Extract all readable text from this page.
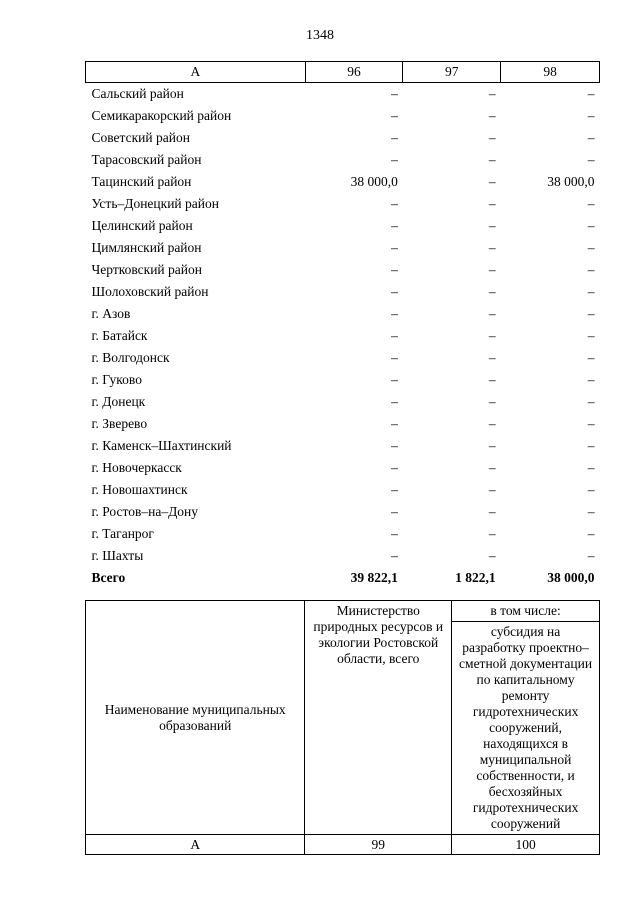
1348
А	96	97	98
Сальский район	–	–	–
Семикаракорский район	–	–	–
Советский район	–	–	–
Тарасовский район	–	–	–
Тацинский район	38 000,0	–	38 000,0
Усть–Донецкий район	–	–	–
Целинский район	–	–	–
Цимлянский район	–	–	–
Чертковский район	–	–	–
Шолоховский район	–	–	–
г. Азов	–	–	–
г. Батайск	–	–	–
г. Волгодонск	–	–	–
г. Гуково	–	–	–
г. Донецк	–	–	–
г. Зверево	–	–	–
г. Каменск–Шахтинский	–	–	–
г. Новочеркасск	–	–	–
г. Новошахтинск	–	–	–
г. Ростов–на–Дону	–	–	–
г. Таганрог	–	–	–
г. Шахты	–	–	–
Всего	39 822,1	1 822,1	38 000,0
Наименование муниципальных образований	Министерство природных ресурсов и экологии Ростовской области, всего	в том числе:
		субсидия на разработку проектно–сметной документации по капитальному ремонту гидротехнических сооружений, находящихся в муниципальной собственности, и бесхозяйных гидротехнических сооружений
А	99	100
